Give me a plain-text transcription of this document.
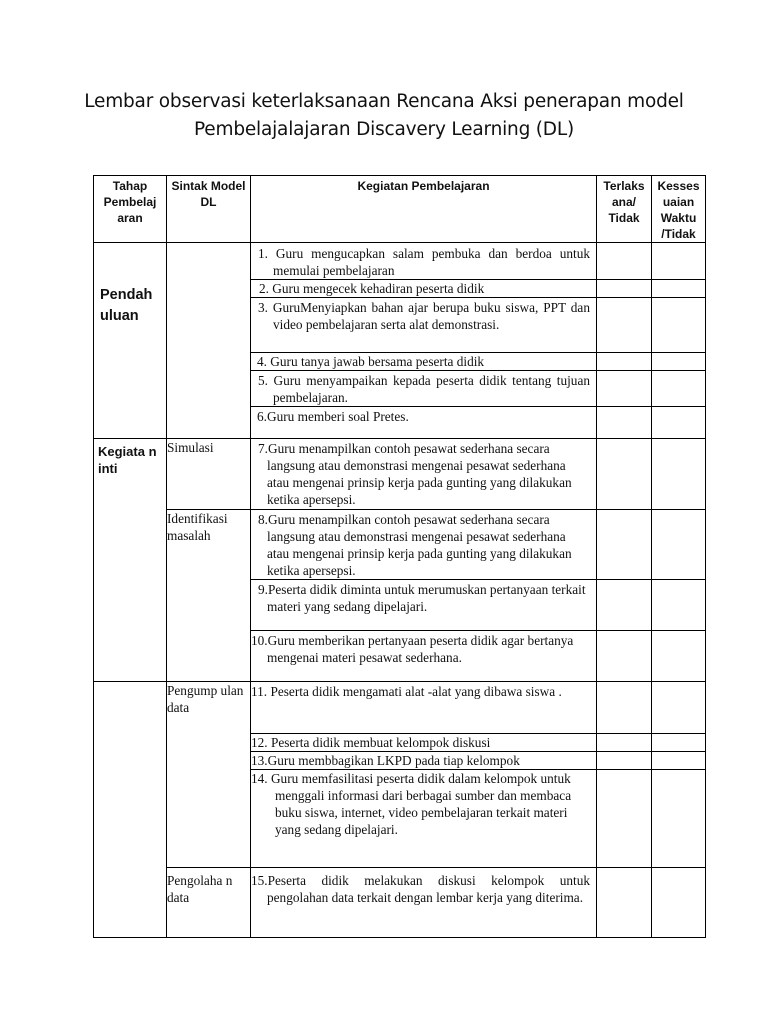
Lembar observasi keterlaksanaan Rencana Aksi penerapan model
Pembelajalajaran Discavery Learning (DL)
Tahap Pembelaj aran	Sintak Model DL	Kegiatan Pembelajaran	Terlaks ana/ Tidak	Kesses uaian Waktu /Tidak

Pendah uluan		1. Guru mengucapkan salam pembuka dan berdoa untuk memulai pembelajaran		

		2. Guru mengecek kehadiran peserta didik		

		3. GuruMenyiapkan bahan ajar berupa buku siswa, PPT dan video pembelajaran serta alat demonstrasi.		

		4. Guru tanya jawab bersama peserta didik		

		5. Guru menyampaikan kepada peserta didik tentang tujuan pembelajaran.		

		6.Guru memberi soal Pretes.		

Kegiata n inti	Simulasi	7.Guru menampilkan contoh pesawat sederhana secara langsung atau demonstrasi mengenai pesawat sederhana atau mengenai prinsip kerja pada gunting yang dilakukan ketika apersepsi.		

	Identifikasi masalah	8.Guru menampilkan contoh pesawat sederhana secara langsung atau demonstrasi mengenai pesawat sederhana atau mengenai prinsip kerja pada gunting yang dilakukan ketika apersepsi.		

		9.Peserta didik diminta untuk merumuskan pertanyaan terkait materi yang sedang dipelajari.		

		10.Guru memberikan pertanyaan peserta didik agar bertanya mengenai materi pesawat sederhana.		

	Pengump ulan data	11. Peserta didik mengamati alat -alat yang dibawa siswa .		

		12. Peserta didik membuat kelompok diskusi		

		13.Guru membbagikan LKPD pada tiap kelompok		

		14. Guru memfasilitasi peserta didik dalam kelompok untuk menggali informasi dari berbagai sumber dan membaca buku siswa, internet, video pembelajaran terkait materi yang sedang dipelajari.		

	Pengolaha n data	15.Peserta didik melakukan diskusi kelompok untuk pengolahan data terkait dengan lembar kerja yang diterima.		
